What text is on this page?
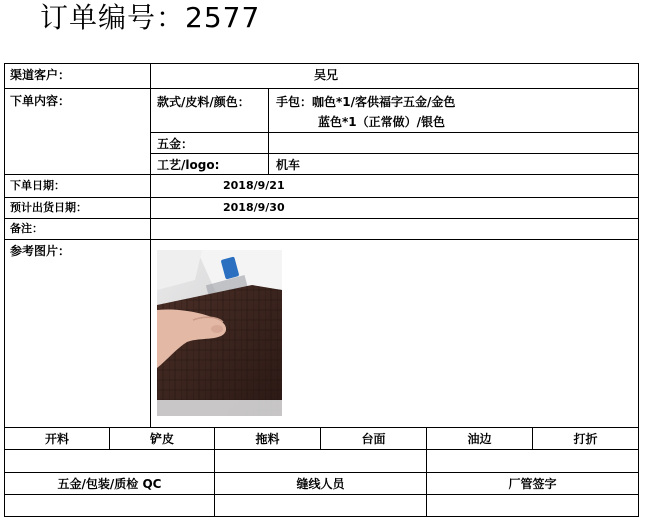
订单编号：2577
渠道客户：	吴兄
下单内容：	款式/皮料/颜色： 手包：咖色*1/客供福字五金/金色
蓝色*1（正常做）/银色
五金：
工艺/logo:	机车
下单日期：	2018/9/21
预计出货日期：	2018/9/30
备注：
参考图片：
开料	铲皮	拖料	台面	油边	打折
五金/包装/质检 QC	缝线人员	厂管签字
